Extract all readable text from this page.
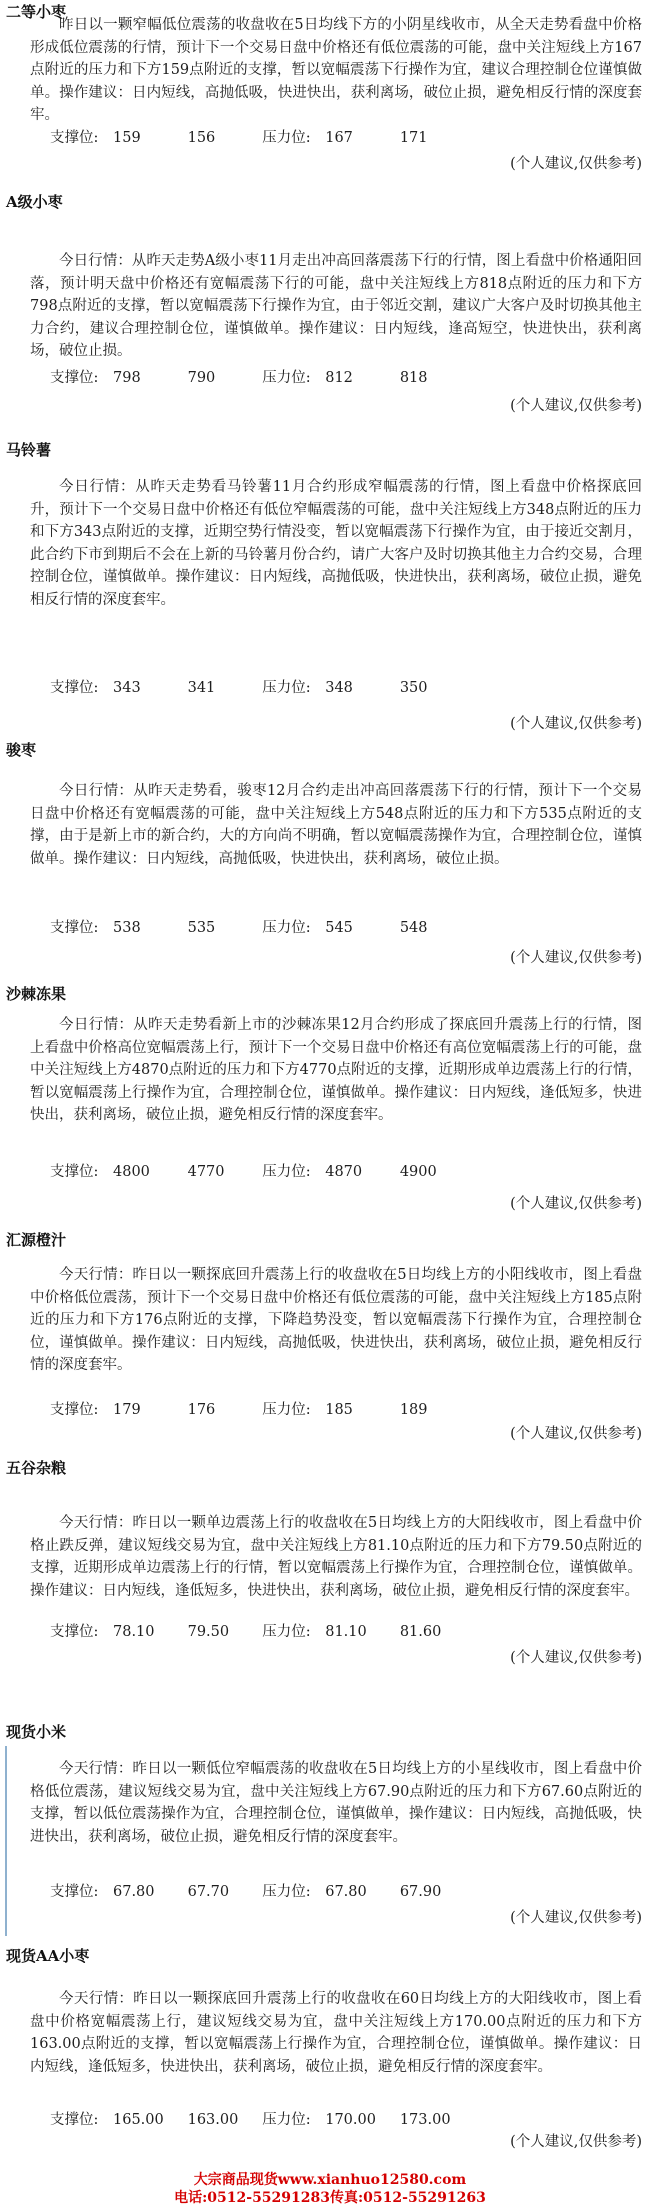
二等小枣
昨日以一颗窄幅低位震荡的收盘收在5日均线下方的小阴星线收市，从全天走势看盘中价格形成低位震荡的行情，预计下一个交易日盘中价格还有低位震荡的可能，盘中关注短线上方167点附近的压力和下方159点附近的支撑，暂以宽幅震荡下行操作为宜，建议合理控制仓位谨慎做单。操作建议：日内短线，高抛低吸，快进快出，获利离场，破位止损，避免相反行情的深度套牢。
支撑位: 159	156	压力位: 167	171
(个人建议,仅供参考)
A级小枣
今日行情：从昨天走势A级小枣11月走出冲高回落震荡下行的行情，图上看盘中价格通阳回落，预计明天盘中价格还有宽幅震荡下行的可能，盘中关注短线上方818点附近的压力和下方798点附近的支撑，暂以宽幅震荡下行操作为宜，由于邻近交割，建议广大客户及时切换其他主力合约，建议合理控制仓位，谨慎做单。操作建议：日内短线，逢高短空，快进快出，获利离场，破位止损。
支撑位: 798	790	压力位: 812	818
(个人建议,仅供参考)
马铃薯
今日行情：从昨天走势看马铃薯11月合约形成窄幅震荡的行情，图上看盘中价格探底回升，预计下一个交易日盘中价格还有低位窄幅震荡的可能，盘中关注短线上方348点附近的压力和下方343点附近的支撑，近期空势行情没变，暂以宽幅震荡下行操作为宜，由于接近交割月，此合约下市到期后不会在上新的马铃薯月份合约，请广大客户及时切换其他主力合约交易，合理控制仓位，谨慎做单。操作建议：日内短线，高抛低吸，快进快出，获利离场，破位止损，避免相反行情的深度套牢。
支撑位: 343	341	压力位: 348	350
(个人建议,仅供参考)
骏枣
今日行情：从昨天走势看，骏枣12月合约走出冲高回落震荡下行的行情，预计下一个交易日盘中价格还有宽幅震荡的可能，盘中关注短线上方548点附近的压力和下方535点附近的支撑，由于是新上市的新合约，大的方向尚不明确，暂以宽幅震荡操作为宜，合理控制仓位，谨慎做单。操作建议：日内短线，高抛低吸，快进快出，获利离场，破位止损。
支撑位: 538	535	压力位: 545	548
(个人建议,仅供参考)
沙棘冻果
今日行情：从昨天走势看新上市的沙棘冻果12月合约形成了探底回升震荡上行的行情，图上看盘中价格高位宽幅震荡上行，预计下一个交易日盘中价格还有高位宽幅震荡上行的可能，盘中关注短线上方4870点附近的压力和下方4770点附近的支撑，近期形成单边震荡上行的行情，暂以宽幅震荡上行操作为宜，合理控制仓位，谨慎做单。操作建议：日内短线，逢低短多，快进快出，获利离场，破位止损，避免相反行情的深度套牢。
支撑位: 4800	4770	压力位: 4870	4900
(个人建议,仅供参考)
汇源橙汁
今天行情：昨日以一颗探底回升震荡上行的收盘收在5日均线上方的小阳线收市，图上看盘中价格低位震荡，预计下一个交易日盘中价格还有低位震荡的可能，盘中关注短线上方185点附近的压力和下方176点附近的支撑，下降趋势没变，暂以宽幅震荡下行操作为宜，合理控制仓位，谨慎做单。操作建议：日内短线，高抛低吸，快进快出，获利离场，破位止损，避免相反行情的深度套牢。
支撑位: 179	176	压力位: 185	189
(个人建议,仅供参考)
五谷杂粮
今天行情：昨日以一颗单边震荡上行的收盘收在5日均线上方的大阳线收市，图上看盘中价格止跌反弹，建议短线交易为宜，盘中关注短线上方81.10点附近的压力和下方79.50点附近的支撑，近期形成单边震荡上行的行情，暂以宽幅震荡上行操作为宜，合理控制仓位，谨慎做单。操作建议：日内短线，逢低短多，快进快出，获利离场，破位止损，避免相反行情的深度套牢。
支撑位: 78.10 79.50 压力位: 81.10 81.60
(个人建议,仅供参考)
现货小米
今天行情：昨日以一颗低位窄幅震荡的收盘收在5日均线上方的小星线收市，图上看盘中价格低位震荡，建议短线交易为宜，盘中关注短线上方67.90点附近的压力和下方67.60点附近的支撑，暂以低位震荡操作为宜，合理控制仓位，谨慎做单，操作建议：日内短线，高抛低吸，快进快出，获利离场，破位止损，避免相反行情的深度套牢。
支撑位: 67.80 67.70 压力位: 67.80 67.90
(个人建议,仅供参考)
现货AA小枣
今天行情：昨日以一颗探底回升震荡上行的收盘收在60日均线上方的大阳线收市，图上看盘中价格宽幅震荡上行，建议短线交易为宜，盘中关注短线上方170.00点附近的压力和下方163.00点附近的支撑，暂以宽幅震荡上行操作为宜，合理控制仓位，谨慎做单。操作建议：日内短线，逢低短多，快进快出，获利离场，破位止损，避免相反行情的深度套牢。
支撑位: 165.00 163.00 压力位: 170.00 173.00
(个人建议,仅供参考)
大宗商品现货www.xianhuo12580.com
电话:0512-55291283传真:0512-55291263
